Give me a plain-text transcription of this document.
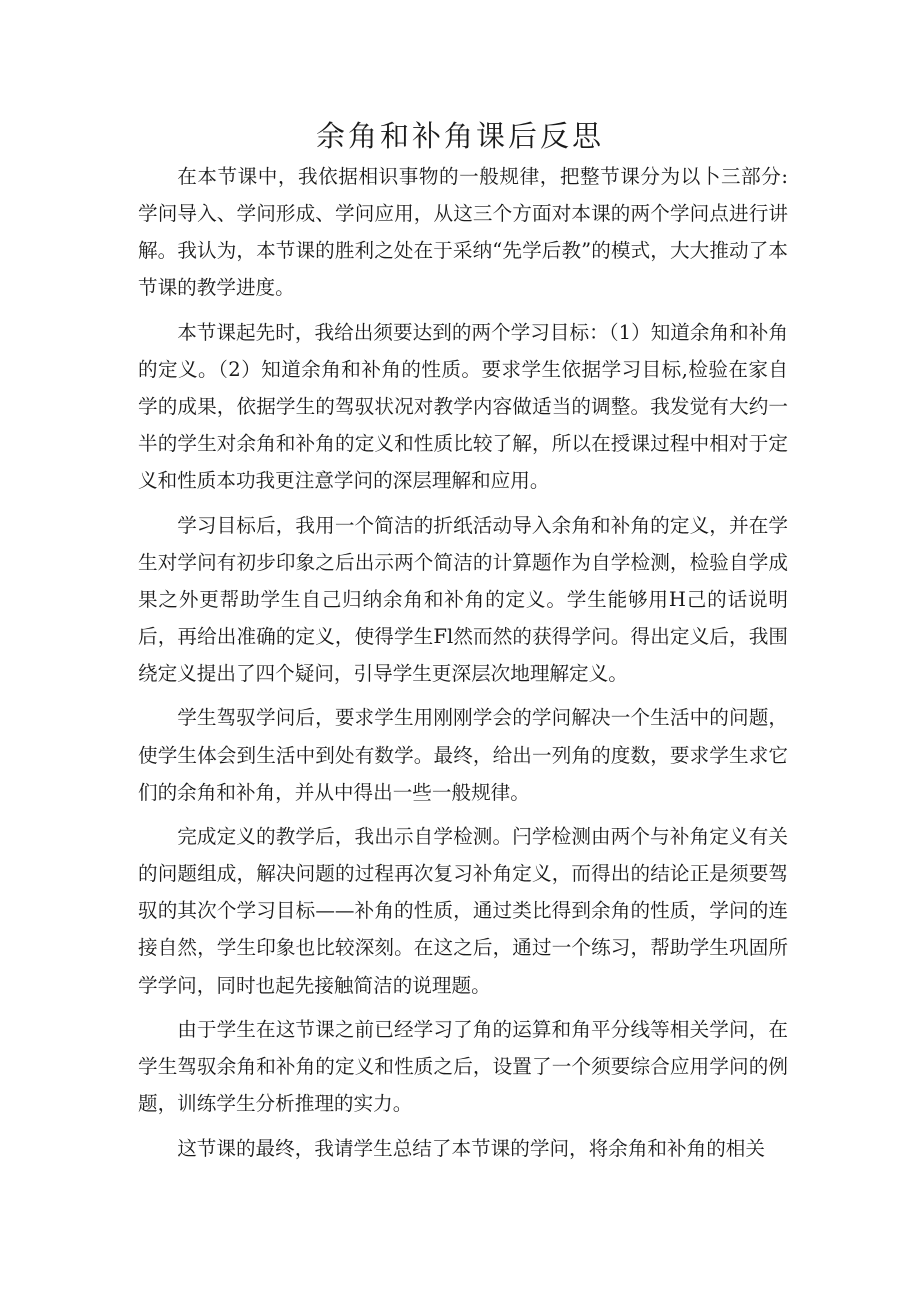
余角和补角课后反思

在本节课中，我依据相识事物的一般规律，把整节课分为以卜三部分:学问导入、学问形成、学问应用，从这三个方面对本课的两个学问点进行讲解。我认为，本节课的胜利之处在于采纳“先学后教”的模式，大大推动了本节课的教学进度。

本节课起先时，我给出须要达到的两个学习目标：（1）知道余角和补角的定义。（2）知道余角和补角的性质。要求学生依据学习目标,检验在家自学的成果，依据学生的驾驭状况对教学内容做适当的调整。我发觉有大约一半的学生对余角和补角的定义和性质比较了解，所以在授课过程中相对于定义和性质本功我更注意学问的深层理解和应用。

学习目标后，我用一个简洁的折纸活动导入余角和补角的定义，并在学生对学问有初步印象之后出示两个简洁的计算题作为自学检测，检验自学成果之外更帮助学生自己归纳余角和补角的定义。学生能够用H己的话说明后，再给出准确的定义，使得学生Fl然而然的获得学问。得出定义后，我围绕定义提出了四个疑问，引导学生更深层次地理解定义。

学生驾驭学问后，要求学生用刚刚学会的学问解决一个生活中的问题，使学生体会到生活中到处有数学。最终，给出一列角的度数，要求学生求它们的余角和补角，并从中得出一些一般规律。

完成定义的教学后，我出示自学检测。闩学检测由两个与补角定义有关的问题组成，解决问题的过程再次复习补角定义，而得出的结论正是须要驾驭的其次个学习目标——补角的性质，通过类比得到余角的性质，学问的连接自然，学生印象也比较深刻。在这之后，通过一个练习，帮助学生巩固所学学问，同时也起先接触简洁的说理题。

由于学生在这节课之前已经学习了角的运算和角平分线等相关学问，在学生驾驭余角和补角的定义和性质之后，设置了一个须要综合应用学问的例题，训练学生分析推理的实力。

这节课的最终，我请学生总结了本节课的学问，将余角和补角的相关
